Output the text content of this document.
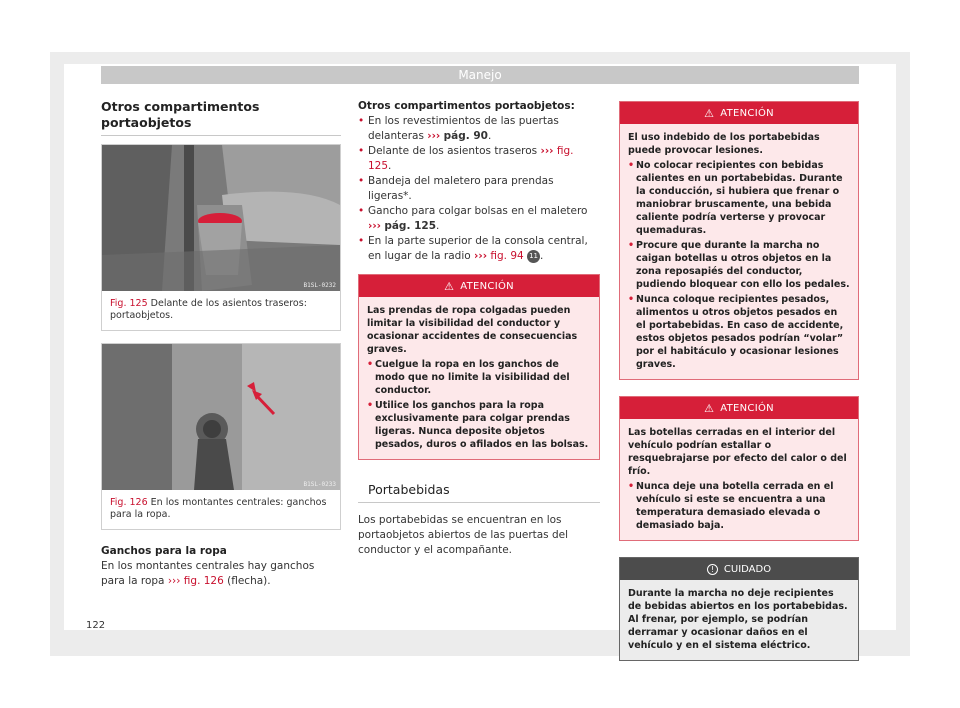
Manejo
Otros compartimentos portaobjetos
B1SL-0232
Fig. 125 Delante de los asientos traseros: portaobjetos.
B1SL-0233
Fig. 126 En los montantes centrales: ganchos para la ropa.
Ganchos para la ropa
En los montantes centrales hay ganchos para la ropa ››› fig. 126 (flecha).
Otros compartimentos portaobjetos:
• En los revestimientos de las puertas delanteras ››› pág. 90.
• Delante de los asientos traseros ››› fig. 125.
• Bandeja del maletero para prendas ligeras*.
• Gancho para colgar bolsas en el maletero ››› pág. 125.
• En la parte superior de la consola central, en lugar de la radio ››› fig. 94 11 .
⚠ ATENCIÓN
Las prendas de ropa colgadas pueden limitar la visibilidad del conductor y ocasionar accidentes de consecuencias graves.
• Cuelgue la ropa en los ganchos de modo que no limite la visibilidad del conductor.
• Utilice los ganchos para la ropa exclusivamente para colgar prendas ligeras. Nunca deposite objetos pesados, duros o afilados en las bolsas.
Portabebidas
Los portabebidas se encuentran en los portaobjetos abiertos de las puertas del conductor y el acompañante.
⚠ ATENCIÓN
El uso indebido de los portabebidas puede provocar lesiones.
• No colocar recipientes con bebidas calientes en un portabebidas. Durante la conducción, si hubiera que frenar o maniobrar bruscamente, una bebida caliente podría verterse y provocar quemaduras.
• Procure que durante la marcha no caigan botellas u otros objetos en la zona reposapiés del conductor, pudiendo bloquear con ello los pedales.
• Nunca coloque recipientes pesados, alimentos u otros objetos pesados en el portabebidas. En caso de accidente, estos objetos pesados podrían “volar” por el habitáculo y ocasionar lesiones graves.
⚠ ATENCIÓN
Las botellas cerradas en el interior del vehículo podrían estallar o resquebrajarse por efecto del calor o del frío.
• Nunca deje una botella cerrada en el vehículo si este se encuentra a una temperatura demasiado elevada o demasiado baja.
!	CUIDADO
Durante la marcha no deje recipientes de bebidas abiertos en los portabebidas. Al frenar, por ejemplo, se podrían derramar y ocasionar daños en el vehículo y en el sistema eléctrico.
122
